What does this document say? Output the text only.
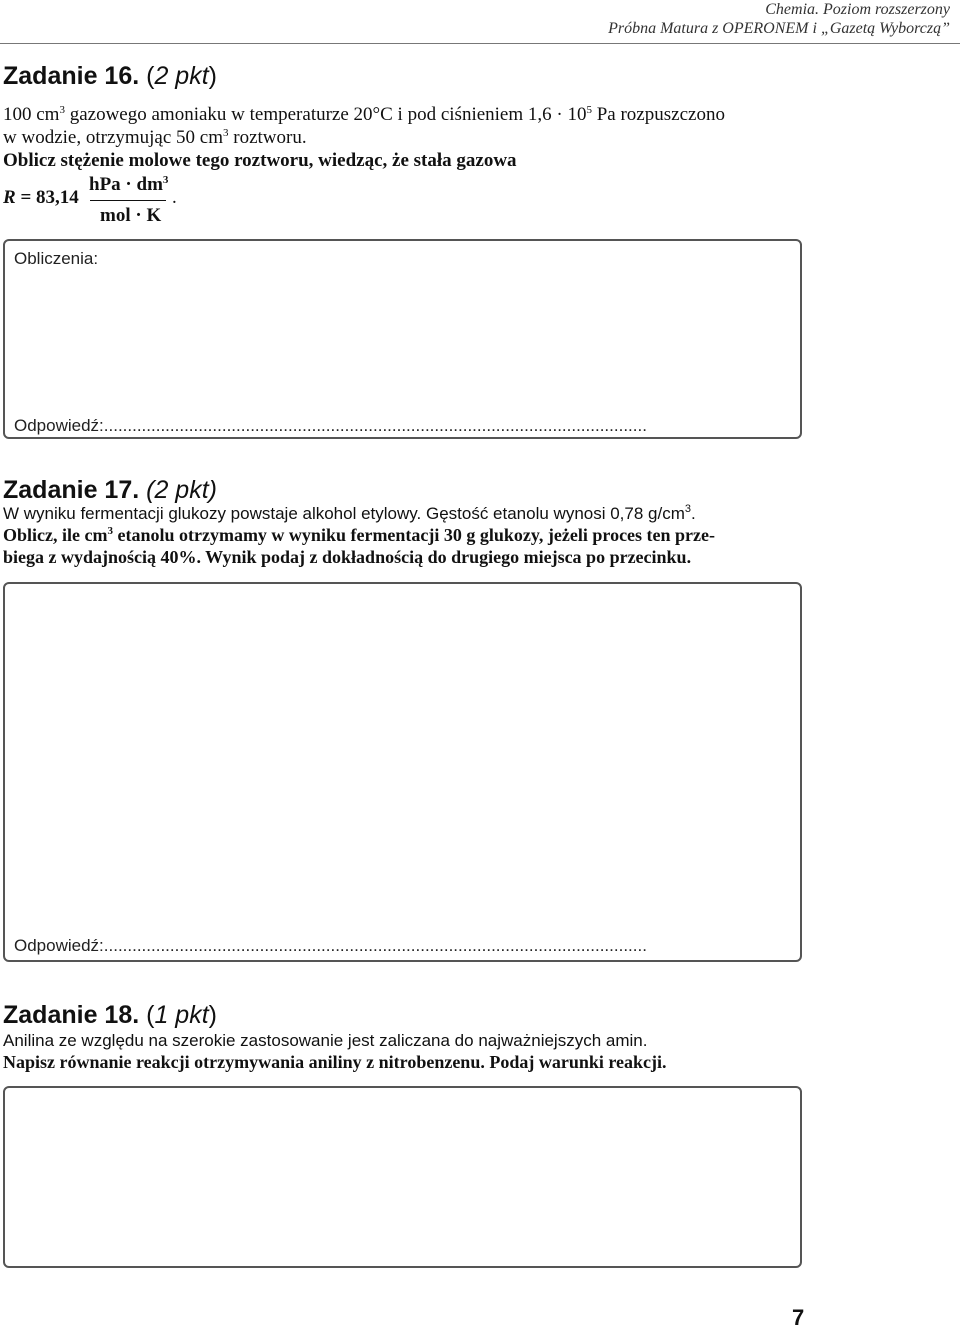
Chemia. Poziom rozszerzony
Próbna Matura z OPERONEM i „Gazetą Wyborczą”
Zadanie 16. (2 pkt)
100 $cm^3$ gazowego amoniaku w temperaturze 20°C i pod ciśnieniem $1,6 \cdot 10^5$ Pa rozpuszczono
w wodzie, otrzymując 50 $cm^3$ roztworu.
Oblicz stężenie molowe tego roztworu, wiedząc, że stała gazowa
R = 83,14
hPa · $dm^3$
mol · K
.
Obliczenia:
Odpowiedź:...................................................................................................................
Zadanie 17. (2 pkt)
W wyniku fermentacji glukozy powstaje alkohol etylowy. Gęstość etanolu wynosi 0,78 $g/cm^3$.
Oblicz, ile $cm^3$ etanolu otrzymamy w wyniku fermentacji 30 g glukozy, jeżeli proces ten prze-
biega z wydajnością 40%. Wynik podaj z dokładnością do drugiego miejsca po przecinku.
Odpowiedź:...................................................................................................................
Zadanie 18. (1 pkt)
Anilina ze względu na szerokie zastosowanie jest zaliczana do najważniejszych amin.
Napisz równanie reakcji otrzymywania aniliny z nitrobenzenu. Podaj warunki reakcji.
7
